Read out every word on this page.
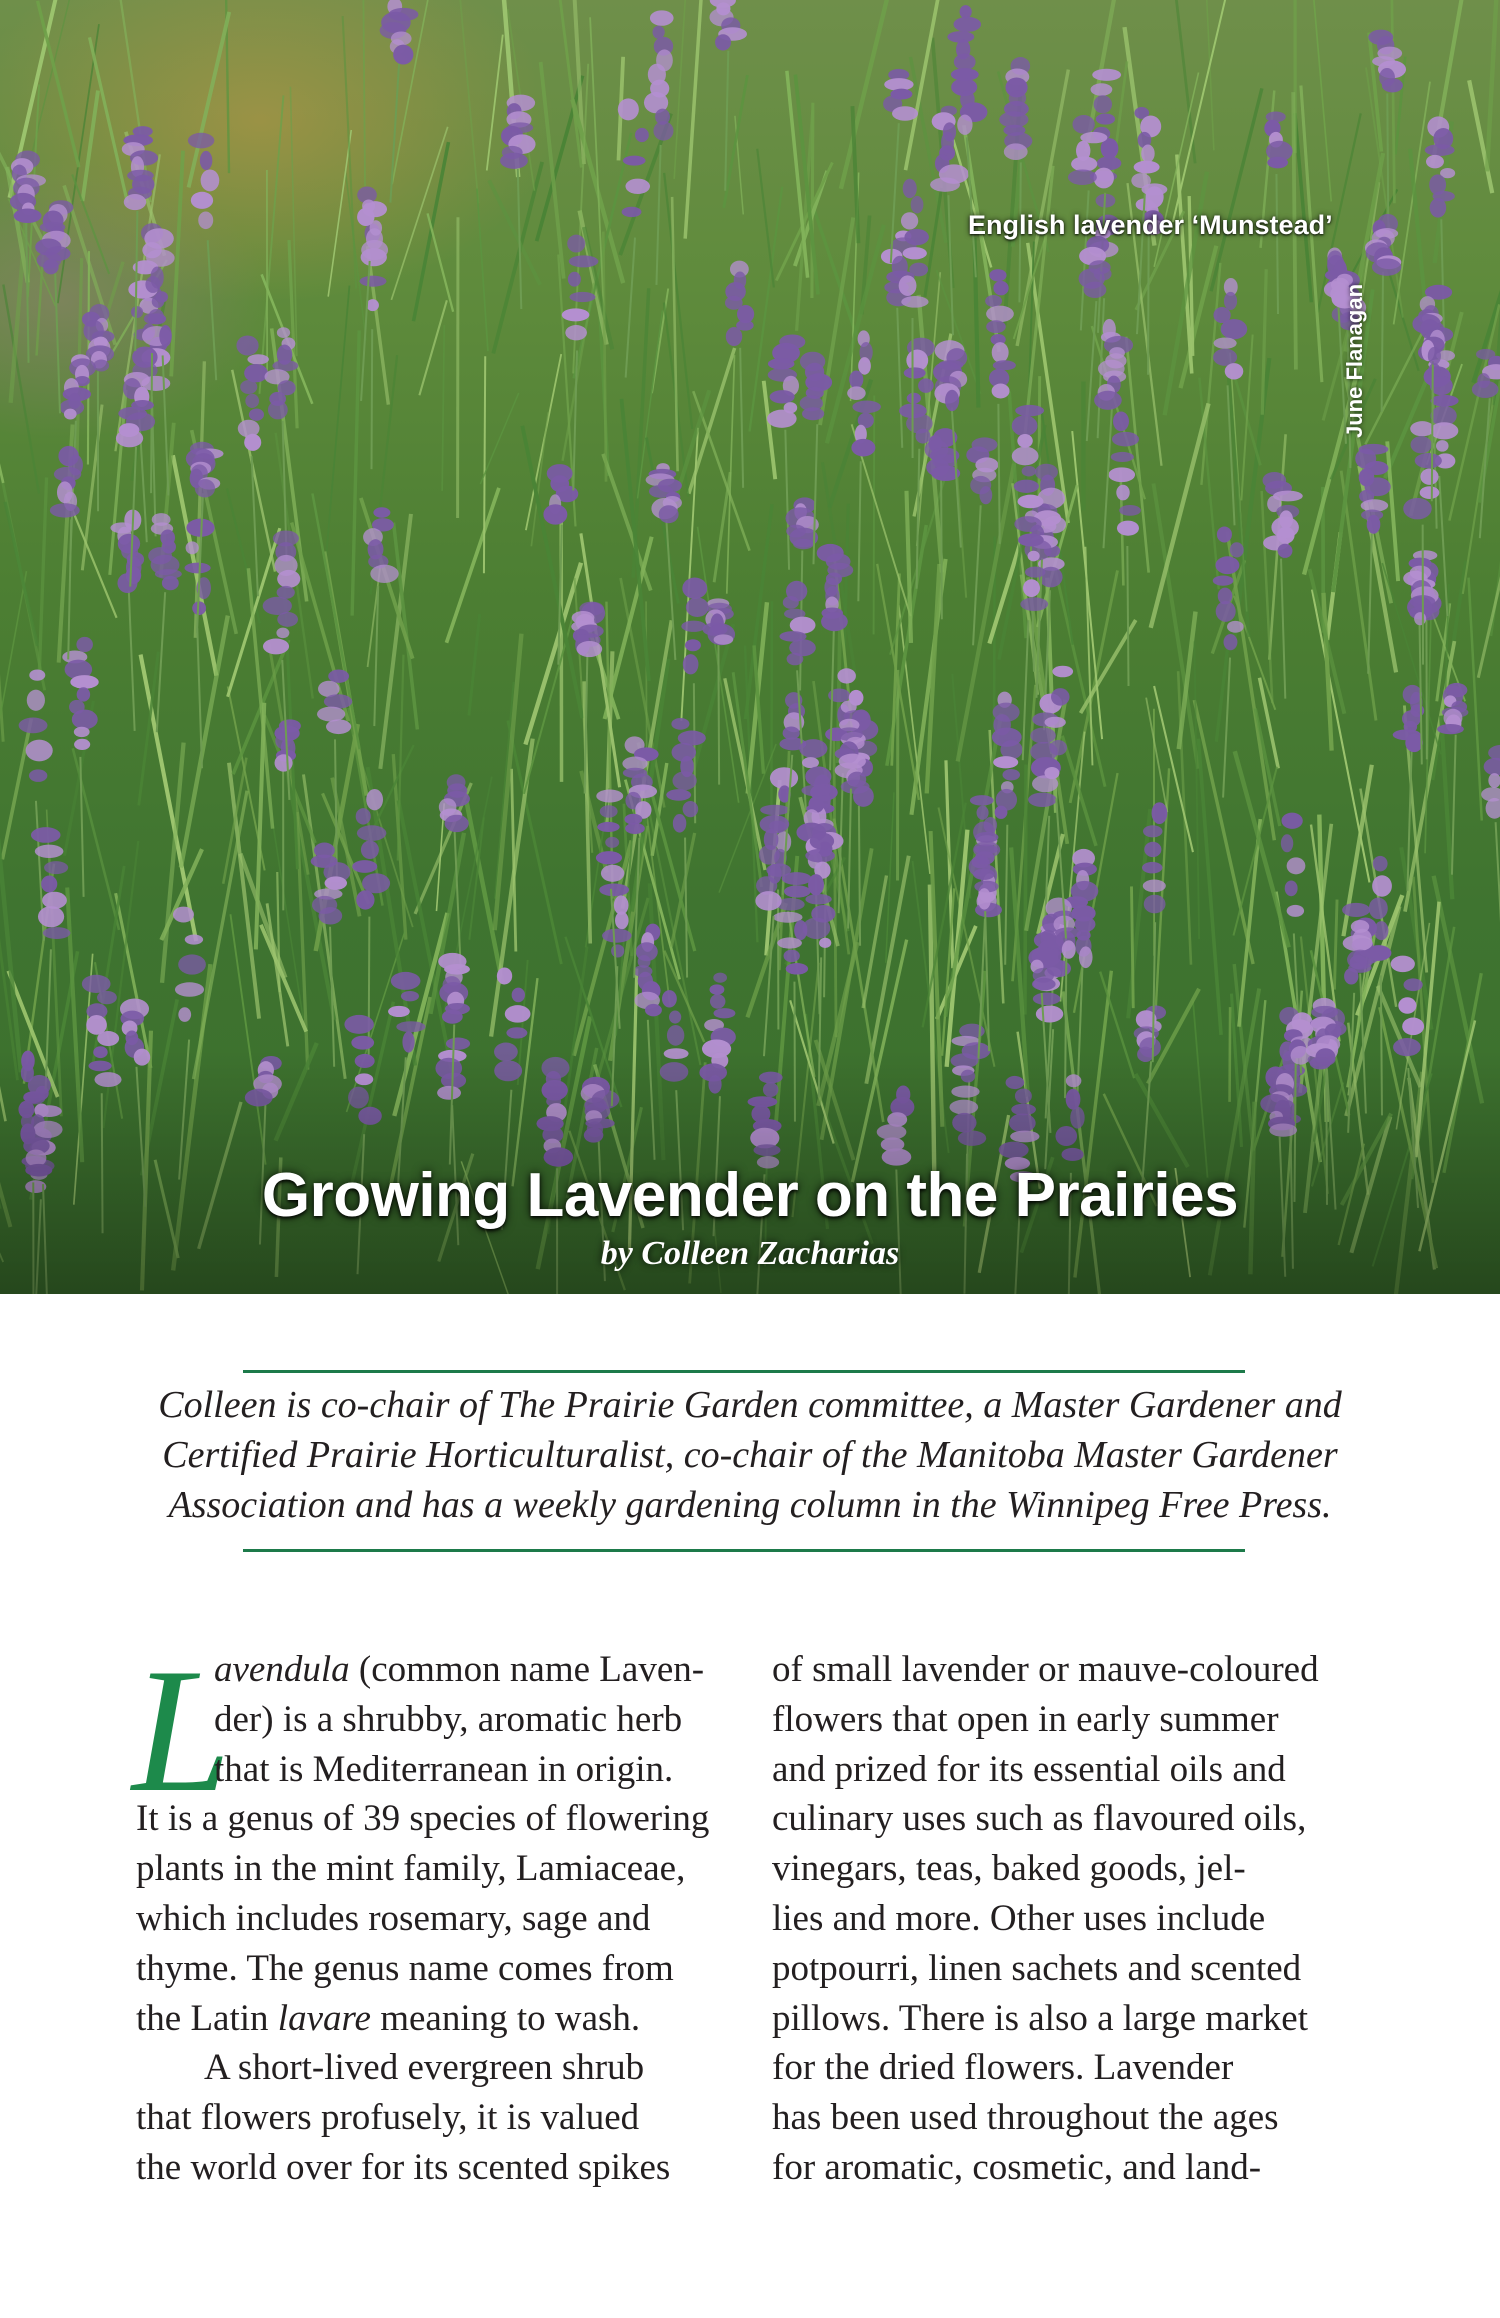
English lavender ‘Munstead’
June Flanagan
Growing Lavender on the Prairies
by Colleen Zacharias
Colleen is co-chair of The Prairie Garden committee, a Master Gardener and
Certified Prairie Horticulturalist, co-chair of the Manitoba Master Gardener
Association and has a weekly gardening column in the Winnipeg Free Press.
L
avendula (common name Laven-
der) is a shrubby, aromatic herb
that is Mediterranean in origin.
It is a genus of 39 species of flowering
plants in the mint family, Lamiaceae,
which includes rosemary, sage and
thyme. The genus name comes from
the Latin lavare meaning to wash.
A short-lived evergreen shrub
that flowers profusely, it is valued
the world over for its scented spikes
of small lavender or mauve-coloured
flowers that open in early summer
and prized for its essential oils and
culinary uses such as flavoured oils,
vinegars, teas, baked goods, jel-
lies and more. Other uses include
potpourri, linen sachets and scented
pillows. There is also a large market
for the dried flowers. Lavender
has been used throughout the ages
for aromatic, cosmetic, and land-
